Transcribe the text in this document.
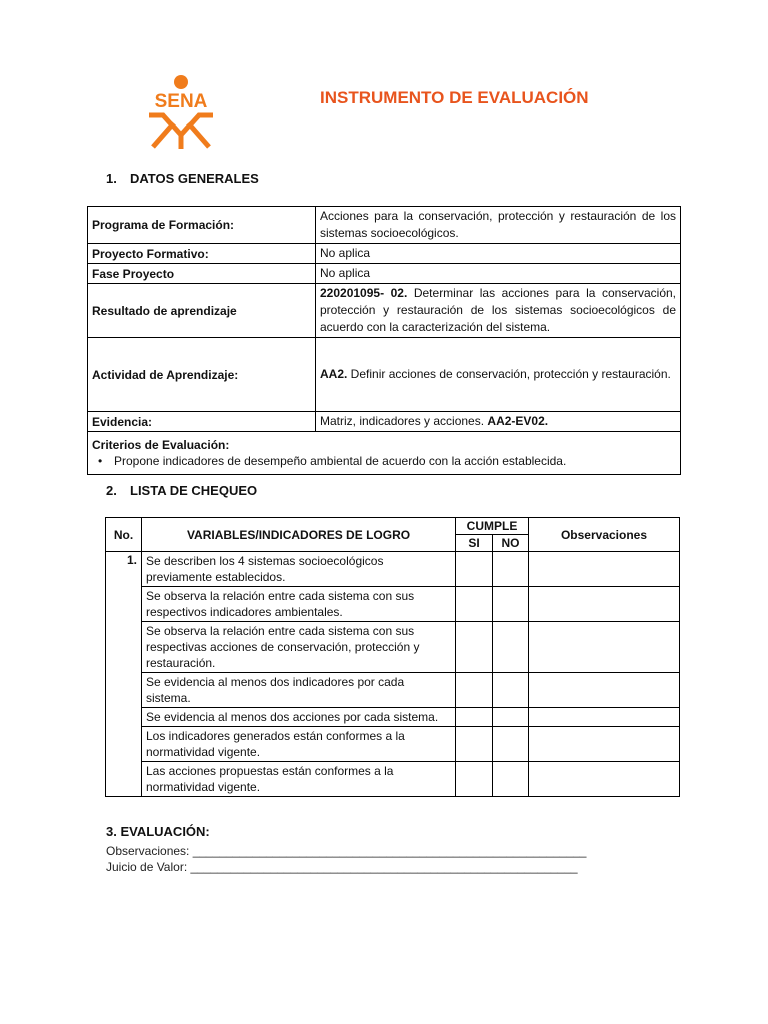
SENA	INSTRUMENTO DE EVALUACIÓN
1. DATOS GENERALES
Programa de Formación:	Acciones para la conservación, protección y restauración de los sistemas socioecológicos.
Proyecto Formativo:	No aplica
Fase Proyecto	No aplica
Resultado de aprendizaje	220201095- 02. Determinar las acciones para la conservación, protección y restauración de los sistemas socioecológicos de acuerdo con la caracterización del sistema.
Actividad de Aprendizaje:	AA2. Definir acciones de conservación, protección y restauración.
Evidencia:	Matriz, indicadores y acciones. AA2-EV02.

Criterios de Evaluación:
• Propone indicadores de desempeño ambiental de acuerdo con la acción establecida.	
2. LISTA DE CHEQUEO
No.	VARIABLES/INDICADORES DE LOGRO	CUMPLE		Observaciones
		SI	NO	
1.	Se describen los 4 sistemas socioecológicos previamente establecidos.			
	Se observa la relación entre cada sistema con sus respectivos indicadores ambientales.			
	Se observa la relación entre cada sistema con sus respectivas acciones de conservación, protección y restauración.			
	Se evidencia al menos dos indicadores por cada sistema.			
	Se evidencia al menos dos acciones por cada sistema.			
	Los indicadores generados están conformes a la normatividad vigente.			
	Las acciones propuestas están conformes a la normatividad vigente.			
3. EVALUACIÓN:
Observaciones: ___________________________________________________________
Juicio de Valor: __________________________________________________________
